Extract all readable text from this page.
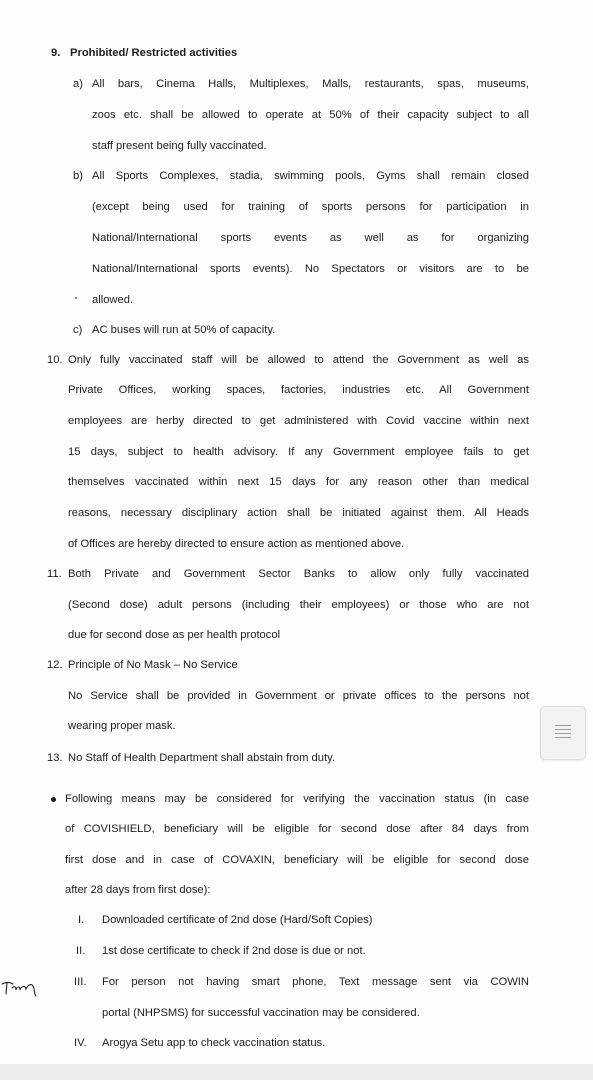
9. Prohibited/ Restricted activities
a) All bars, Cinema Halls, Multiplexes, Malls, restaurants, spas, museums,
zoos etc. shall be allowed to operate at 50% of their capacity subject to all
staff present being fully vaccinated.
b) All Sports Complexes, stadia, swimming pools, Gyms shall remain closed
(except being used for training of sports persons for participation in
National/International sports events as well as for organizing
National/International sports events). No Spectators or visitors are to be
allowed.
c) AC buses will run at 50% of capacity.
10. Only fully vaccinated staff will be allowed to attend the Government as well as
Private Offices, working spaces, factories, industries etc. All Government
employees are herby directed to get administered with Covid vaccine within next
15 days, subject to health advisory. If any Government employee fails to get
themselves vaccinated within next 15 days for any reason other than medical
reasons, necessary disciplinary action shall be initiated against them. All Heads
of Offices are hereby directed to ensure action as mentioned above.
11. Both Private and Government Sector Banks to allow only fully vaccinated
(Second dose) adult persons (including their employees) or those who are not
due for second dose as per health protocol
12. Principle of No Mask – No Service
No Service shall be provided in Government or private offices to the persons not
wearing proper mask.
13. No Staff of Health Department shall abstain from duty.
Following means may be considered for verifying the vaccination status (in case
of COVISHIELD, beneficiary will be eligible for second dose after 84 days from
first dose and in case of COVAXIN, beneficiary will be eligible for second dose
after 28 days from first dose):
I. Downloaded certificate of 2nd dose (Hard/Soft Copies)
II. 1st dose certificate to check if 2nd dose is due or not.
III. For person not having smart phone, Text message sent via COWIN
portal (NHPSMS) for successful vaccination may be considered.
IV. Arogya Setu app to check vaccination status.
